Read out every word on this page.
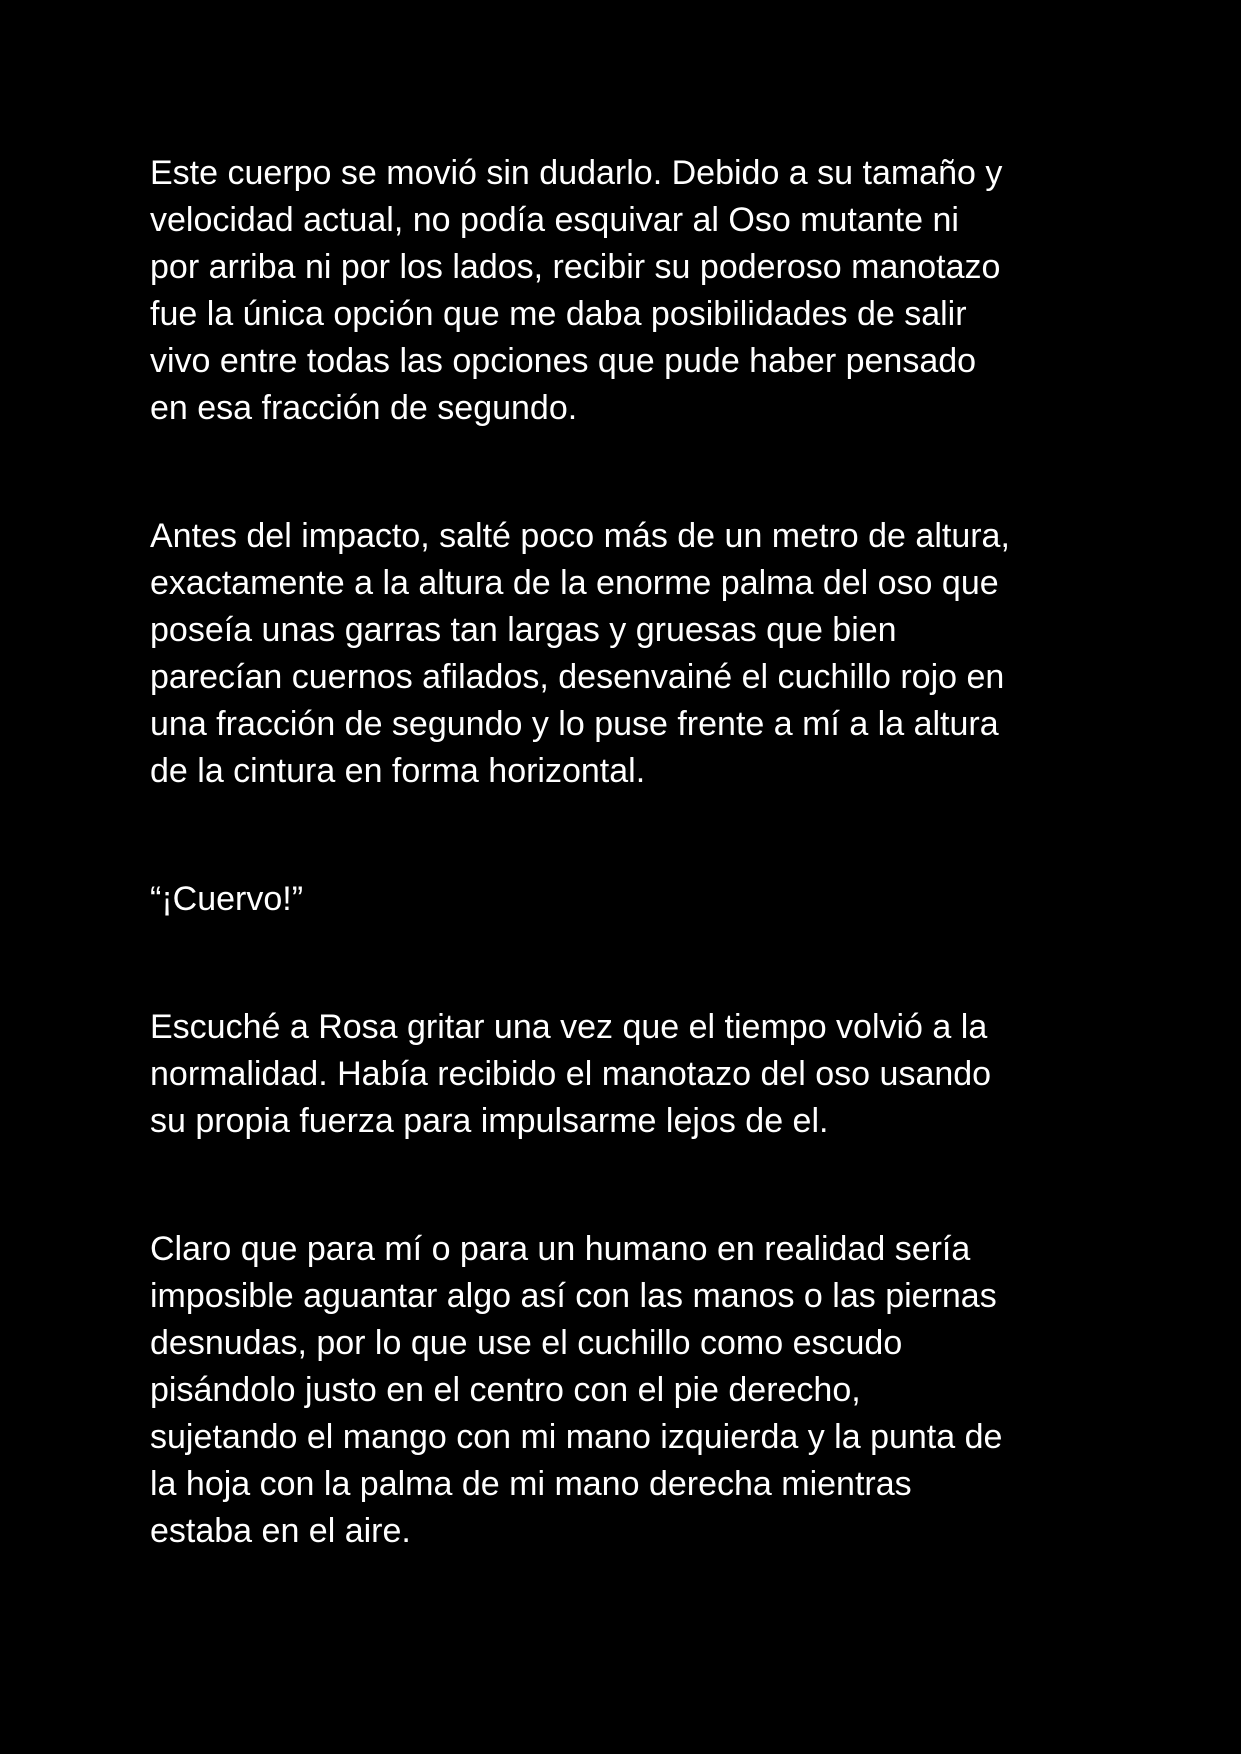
Este cuerpo se movió sin dudarlo. Debido a su tamaño y
velocidad actual, no podía esquivar al Oso mutante ni
por arriba ni por los lados, recibir su poderoso manotazo
fue la única opción que me daba posibilidades de salir
vivo entre todas las opciones que pude haber pensado
en esa fracción de segundo.

Antes del impacto, salté poco más de un metro de altura,
exactamente a la altura de la enorme palma del oso que
poseía unas garras tan largas y gruesas que bien
parecían cuernos afilados, desenvainé el cuchillo rojo en
una fracción de segundo y lo puse frente a mí a la altura
de la cintura en forma horizontal.

“¡Cuervo!”

Escuché a Rosa gritar una vez que el tiempo volvió a la
normalidad. Había recibido el manotazo del oso usando
su propia fuerza para impulsarme lejos de el.

Claro que para mí o para un humano en realidad sería
imposible aguantar algo así con las manos o las piernas
desnudas, por lo que use el cuchillo como escudo
pisándolo justo en el centro con el pie derecho,
sujetando el mango con mi mano izquierda y la punta de
la hoja con la palma de mi mano derecha mientras
estaba en el aire.
